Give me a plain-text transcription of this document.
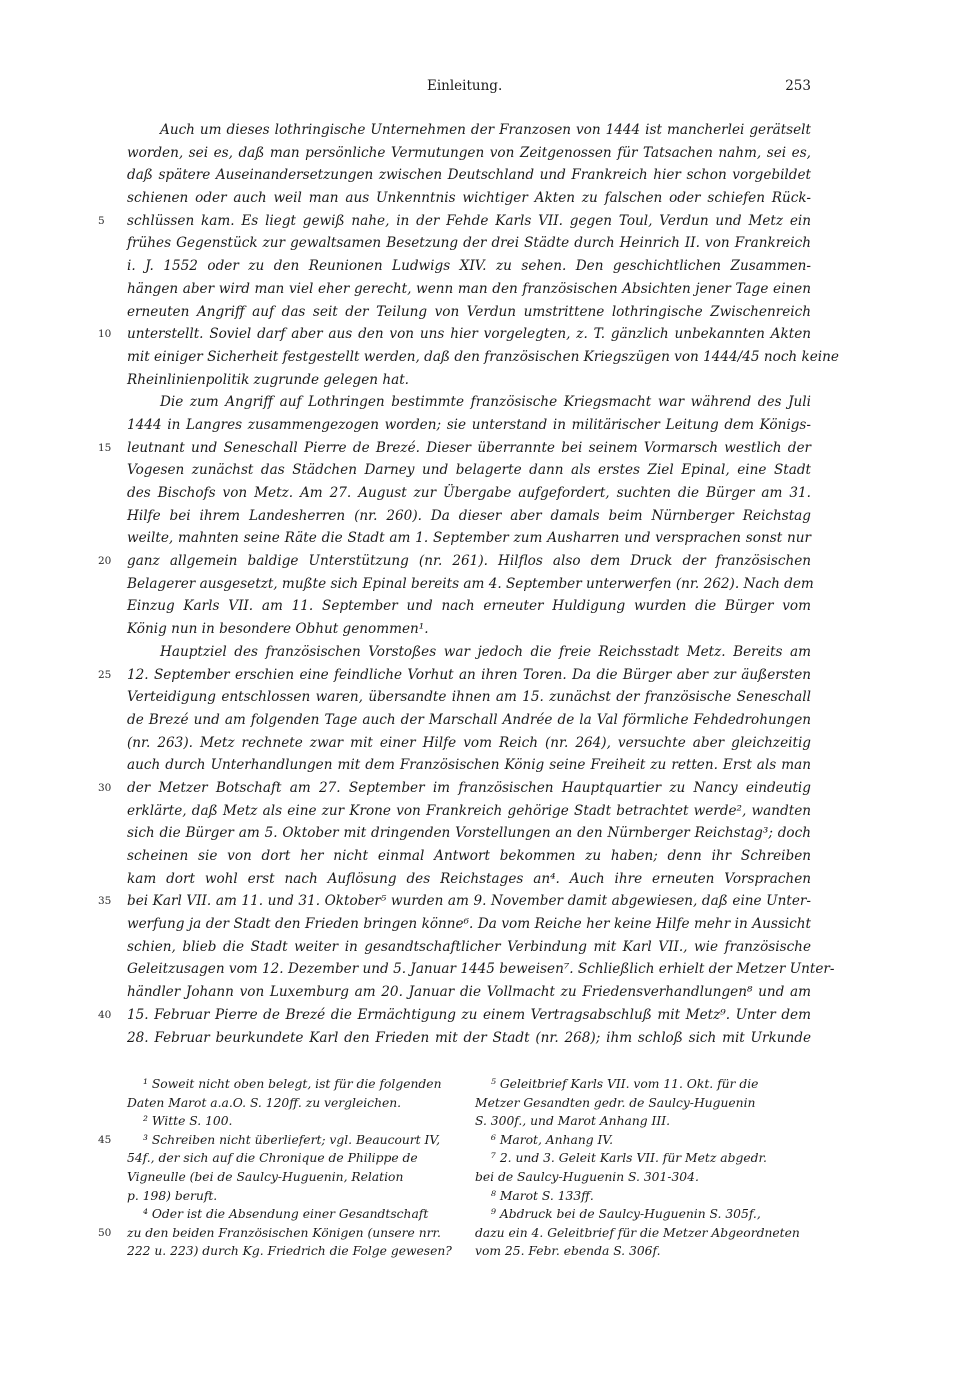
Einleitung.	253
Auch um dieses lothringische Unternehmen der Franzosen von 1444 ist mancherlei gerätselt
worden, sei es, daß man persönliche Vermutungen von Zeitgenossen für Tatsachen nahm, sei es,
daß spätere Auseinandersetzungen zwischen Deutschland und Frankreich hier schon vorgebildet
schienen oder auch weil man aus Unkenntnis wichtiger Akten zu falschen oder schiefen Rück-
5 schlüssen kam. Es liegt gewiß nahe, in der Fehde Karls VII. gegen Toul, Verdun und Metz ein
frühes Gegenstück zur gewaltsamen Besetzung der drei Städte durch Heinrich II. von Frankreich
i. J. 1552 oder zu den Reunionen Ludwigs XIV. zu sehen. Den geschichtlichen Zusammen-
hängen aber wird man viel eher gerecht, wenn man den französischen Absichten jener Tage einen
erneuten Angriff auf das seit der Teilung von Verdun umstrittene lothringische Zwischenreich
10 unterstellt. Soviel darf aber aus den von uns hier vorgelegten, z. T. gänzlich unbekannten Akten
mit einiger Sicherheit festgestellt werden, daß den französischen Kriegszügen von 1444/45 noch keine
Rheinlinienpolitik zugrunde gelegen hat.
Die zum Angriff auf Lothringen bestimmte französische Kriegsmacht war während des Juli
1444 in Langres zusammengezogen worden; sie unterstand in militärischer Leitung dem Königs-
15 leutnant und Seneschall Pierre de Brezé. Dieser überrannte bei seinem Vormarsch westlich der
Vogesen zunächst das Städchen Darney und belagerte dann als erstes Ziel Epinal, eine Stadt
des Bischofs von Metz. Am 27. August zur Übergabe aufgefordert, suchten die Bürger am 31.
Hilfe bei ihrem Landesherren (nr. 260). Da dieser aber damals beim Nürnberger Reichstag
weilte, mahnten seine Räte die Stadt am 1. September zum Ausharren und versprachen sonst nur
20 ganz allgemein baldige Unterstützung (nr. 261). Hilflos also dem Druck der französischen
Belagerer ausgesetzt, mußte sich Epinal bereits am 4. September unterwerfen (nr. 262). Nach dem
Einzug Karls VII. am 11. September und nach erneuter Huldigung wurden die Bürger vom
König nun in besondere Obhut genommen¹.
Hauptziel des französischen Vorstoßes war jedoch die freie Reichsstadt Metz. Bereits am
25 12. September erschien eine feindliche Vorhut an ihren Toren. Da die Bürger aber zur äußersten
Verteidigung entschlossen waren, übersandte ihnen am 15. zunächst der französische Seneschall
de Brezé und am folgenden Tage auch der Marschall Andrée de la Val förmliche Fehdedrohungen
(nr. 263). Metz rechnete zwar mit einer Hilfe vom Reich (nr. 264), versuchte aber gleichzeitig
auch durch Unterhandlungen mit dem Französischen König seine Freiheit zu retten. Erst als man
30 der Metzer Botschaft am 27. September im französischen Hauptquartier zu Nancy eindeutig
erklärte, daß Metz als eine zur Krone von Frankreich gehörige Stadt betrachtet werde², wandten
sich die Bürger am 5. Oktober mit dringenden Vorstellungen an den Nürnberger Reichstag³; doch
scheinen sie von dort her nicht einmal Antwort bekommen zu haben; denn ihr Schreiben
kam dort wohl erst nach Auflösung des Reichstages an⁴. Auch ihre erneuten Vorsprachen
35 bei Karl VII. am 11. und 31. Oktober⁵ wurden am 9. November damit abgewiesen, daß eine Unter-
werfung ja der Stadt den Frieden bringen könne⁶. Da vom Reiche her keine Hilfe mehr in Aussicht
schien, blieb die Stadt weiter in gesandtschaftlicher Verbindung mit Karl VII., wie französische
Geleitzusagen vom 12. Dezember und 5. Januar 1445 beweisen⁷. Schließlich erhielt der Metzer Unter-
händler Johann von Luxemburg am 20. Januar die Vollmacht zu Friedensverhandlungen⁸ und am
40 15. Februar Pierre de Brezé die Ermächtigung zu einem Vertragsabschluß mit Metz⁹. Unter dem
28. Februar beurkundete Karl den Frieden mit der Stadt (nr. 268); ihm schloß sich mit Urkunde
¹ Soweit nicht oben belegt, ist für die folgenden
Daten Marot a.a.O. S. 120ff. zu vergleichen.
² Witte S. 100.
45	³ Schreiben nicht überliefert; vgl. Beaucourt IV,
54f., der sich auf die Chronique de Philippe de
Vigneulle (bei de Saulcy-Huguenin, Relation
p. 198) beruft.
⁴ Oder ist die Absendung einer Gesandtschaft
50 zu den beiden Französischen Königen (unsere nrr.
222 u. 223) durch Kg. Friedrich die Folge gewesen?
⁵ Geleitbrief Karls VII. vom 11. Okt. für die
Metzer Gesandten gedr. de Saulcy-Huguenin
S. 300f., und Marot Anhang III.
⁶ Marot, Anhang IV.
⁷ 2. und 3. Geleit Karls VII. für Metz abgedr.
bei de Saulcy-Huguenin S. 301-304.
⁸ Marot S. 133ff.
⁹ Abdruck bei de Saulcy-Huguenin S. 305f.,
dazu ein 4. Geleitbrief für die Metzer Abgeordneten
vom 25. Febr. ebenda S. 306f.
